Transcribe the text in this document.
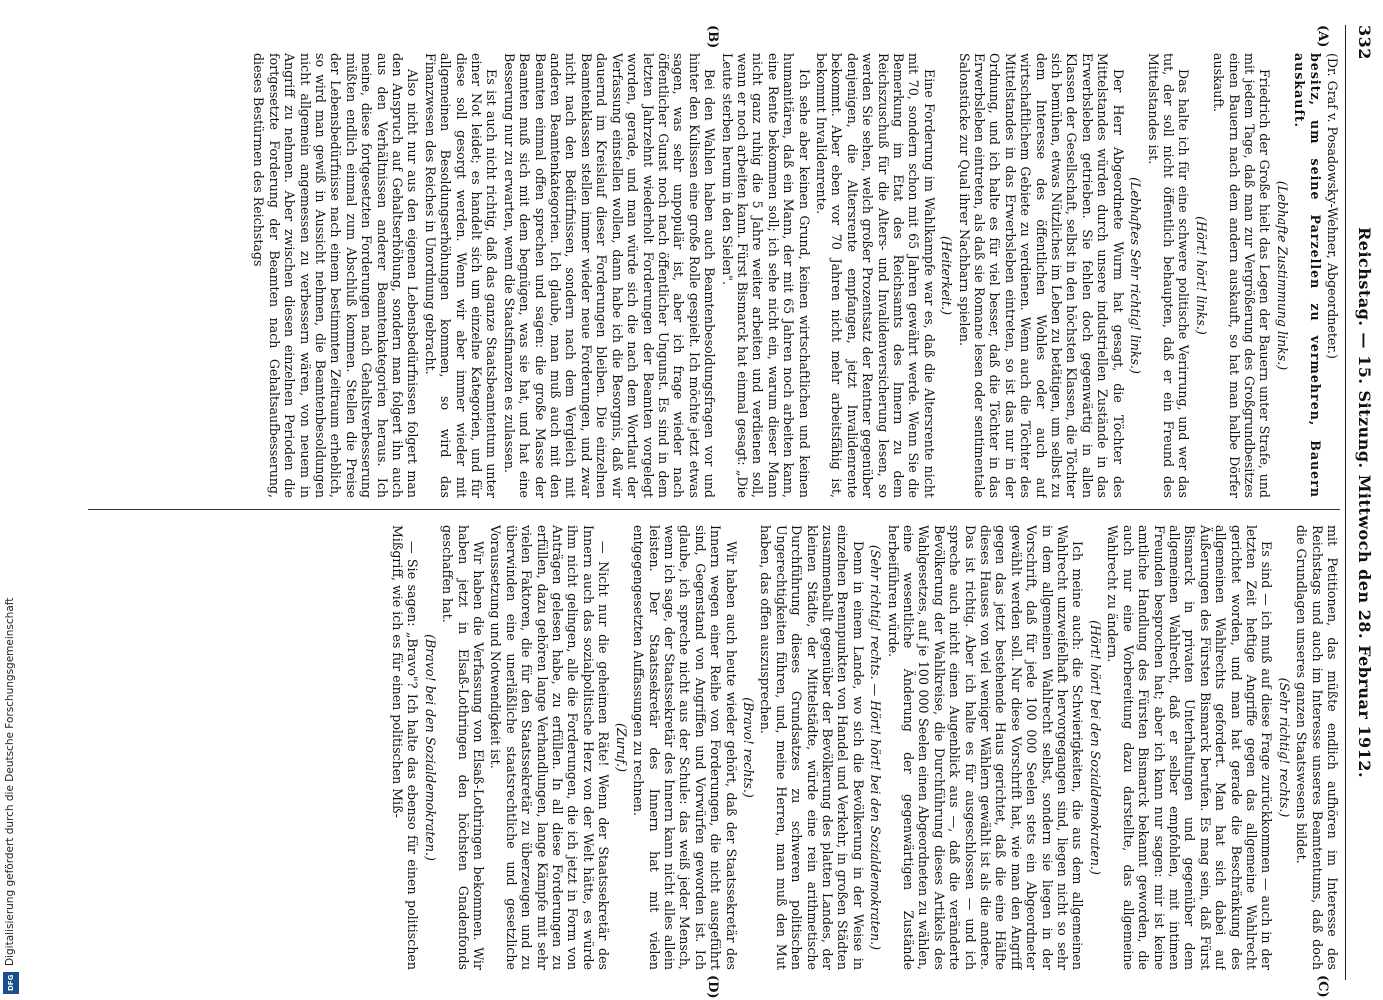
Digitalisierung gefördert durch die Deutsche Forschungsgemeinschaft
DFG
332
Reichstag. — 15. Sitzung. Mittwoch den 28. Februar 1912.
(A)
(B)
(C)
(D)

(Dr. Graf v. Posadowsky-Wehner, Abgeordneter.)

besitz, um seine Parzellen zu vermehren, Bauern auskauft.

(Lebhafte Zustimmung links.)

Friedrich der Große hielt das Legen der Bauern unter Strafe, und mit jedem Tage, daß man zur Vergrößerung des Großgrundbesitzes einen Bauern nach dem andern auskauft, so hat man halbe Dörfer auskauft.

(Hört! hört! links.)

Das halte ich für eine schwere politische Verirrung, und wer das tut, der soll nicht öffentlich behaupten, daß er ein Freund des Mittelstandes ist.

(Lebhaftes Sehr richtig! links.)

Der Herr Abgeordnete Wurm hat gesagt, die Töchter des Mittelstandes würden durch unsere industriellen Zustände in das Erwerbsleben getrieben. Sie fehlen doch gegenwärtig in allen Klassen der Gesellschaft, selbst in den höchsten Klassen, die Töchter sich bemühen, etwas Nützliches im Leben zu betätigen, um selbst zu dem Interesse des öffentlichen Wohles oder auch auf wirtschaftlichem Gebiete zu verdienen. Wenn auch die Töchter des Mittelstandes in das Erwerbsleben eintreten, so ist das nur in der Ordnung, und ich halte es für viel besser, daß die Töchter in das Erwerbsleben eintreten, als daß sie Romane lesen oder sentimentale Salonstücke zur Qual ihrer Nachbarn spielen.

(Heiterkeit.)

Eine Forderung im Wahlkampfe war es, daß die Altersrente nicht mit 70, sondern schon mit 65 Jahren gewährt werde. Wenn Sie die Bemerkung im Etat des Reichsamts des Innern zu dem Reichszuschuß für die Alters- und Invalidenversicherung lesen, so werden Sie sehen, welch großer Prozentsatz der Rentner gegenüber denjenigen, die Altersrente empfangen, jetzt Invalidenrente bekommt. Aber eben vor 70 Jahren nicht mehr arbeitsfähig ist, bekommt Invalidenrente.

Ich sehe aber keinen Grund, keinen wirtschaftlichen und keinen humanitären, daß ein Mann, der mit 65 Jahren noch arbeiten kann, eine Rente bekommen soll; ich sehe nicht ein, warum dieser Mann nicht ganz ruhig die 5 Jahre weiter arbeiten und verdienen soll, wenn er noch arbeiten kann. Fürst Bismarck hat einmal gesagt: „Die Leute sterben herum in den Sielen".

Bei den Wahlen haben auch Beamtenbesoldungsfragen vor und hinter den Kulissen eine große Rolle gespielt. Ich möchte jetzt etwas sagen, was sehr unpopulär ist, aber ich frage wieder nach öffentlicher Gunst noch nach öffentlicher Ungunst. Es sind in dem letzten Jahrzehnt wiederholt Forderungen der Beamten vorgelegt worden, gerade, und man würde sich die nach dem Wortlaut der Verfassung einstellen wollen, dann habe ich die Besorgnis, daß wir dauernd im Kreislauf dieser Forderungen bleiben. Die einzelnen Beamtenklassen stellen immer wieder neue Forderungen, und zwar nicht nach den Bedürfnissen, sondern nach dem Vergleich mit anderen Beamtenkategorien. Ich glaube, man muß auch mit den Beamten einmal offen sprechen und sagen: die große Masse der Beamten muß sich mit dem begnügen, was sie hat, und hat eine Besserung nur zu erwarten, wenn die Staatsfinanzen es zulassen.

Es ist auch nicht richtig, daß das ganze Staatsbeamtentum unter einer Not leidet; es handelt sich um einzelne Kategorien, und für diese soll gesorgt werden. Wenn wir aber immer wieder mit allgemeinen Besoldungserhöhungen kommen, so wird das Finanzwesen des Reiches in Unordnung gebracht.

Also nicht nur aus den eigenen Lebensbedürfnissen folgert man den Anspruch auf Gehaltserhöhung, sondern man folgert ihn auch aus den Verhältnissen anderer Beamtenkategorien heraus. Ich meine, diese fortgesetzten Forderungen nach Gehaltsverbesserung müßten endlich einmal zum Abschluß kommen. Stellen die Preise der Lebensbedürfnisse nach einem bestimmten Zeitraum erheblich, so wird man gewiß in Aussicht nehmen, die Beamtenbesoldungen nicht allgemein angemessen zu verbessern wären, von neuem in Angriff zu nehmen. Aber zwischen diesen einzelnen Perioden die fortgesetzte Forderung der Beamten nach Gehaltsaufbesserung, dieses Bestürmen des Reichstags

mit Petitionen, das müßte endlich aufhören im Interesse des Reichstags und auch im Interesse unseres Beamtentums, daß doch die Grundlagen unseres ganzen Staatswesens bildet.

(Sehr richtig! rechts.)

Es sind — ich muß auf diese Frage zurückkommen — auch in der letzten Zeit heftige Angriffe gegen das allgemeine Wahlrecht gerichtet worden, und man hat gerade die Beschränkung des allgemeinen Wahlrechts gefordert. Man hat sich dabei auf Äußerungen des Fürsten Bismarck berufen. Es mag sein, daß Fürst Bismarck in privaten Unterhaltungen und gegenüber dem allgemeinen Wahlrecht, daß er selber empfohlen, mit intimen Freunden besprochen hat; aber ich kann nur sagen: mir ist keine amtliche Handlung des Fürsten Bismarck bekannt geworden, die auch nur eine Vorbereitung dazu darstellte, das allgemeine Wahlrecht zu ändern.

(Hört! hört! bei den Sozialdemokraten.)

Ich meine auch: die Schwierigkeiten, die aus dem allgemeinen Wahlrecht unzweifelhaft hervorgegangen sind, liegen nicht so sehr in dem allgemeinen Wahlrecht selbst, sondern sie liegen in der Vorschrift, daß für jede 100 000 Seelen stets ein Abgeordneter gewählt werden soll. Nur diese Vorschrift hat, wie man den Angriff gegen das jetzt bestehende Haus gerichtet, daß die eine Hälfte dieses Hauses von viel weniger Wählern gewählt ist als die andere. Das ist richtig. Aber ich halte es für ausgeschlossen — und ich spreche auch nicht einen Augenblick aus —, daß die veränderte Bevölkerung der Wahlkreise, die Durchführung dieses Artikels des Wahlgesetzes, auf je 100 000 Seelen einen Abgeordneten zu wählen, eine wesentliche Änderung der gegenwärtigen Zustände herbeiführen würde.

(Sehr richtig! rechts. — Hört! hört! bei den Sozialdemokraten.)

Denn in einem Lande, wo sich die Bevölkerung in der Weise in einzelnen Brennpunkten von Handel und Verkehr, in großen Städten zusammenballt gegenüber der Bevölkerung des platten Landes, der kleinen Städte, der Mittelstädte, würde eine rein arithmetische Durchführung dieses Grundsatzes zu schweren politischen Ungerechtigkeiten führen, und, meine Herren, man muß den Mut haben, das offen auszusprechen.

(Bravo! rechts.)

Wir haben auch heute wieder gehört, daß der Staatssekretär des Innern wegen einer Reihe von Forderungen, die nicht ausgeführt sind, Gegenstand von Angriffen und Vorwürfen geworden ist. Ich glaube, ich spreche nicht aus der Schule: das weiß jeder Mensch, wenn ich sage, der Staatssekretär des Innern kann nicht alles allein leisten. Der Staatssekretär des Innern hat mit vielen entgegengesetzten Auffassungen zu rechnen.

(Zuruf.)

— Nicht nur die geheimen Räte! Wenn der Staatssekretär des Innern auch das sozialpolitische Herz von der Welt hätte, es würde ihm nicht gelingen, alle die Forderungen, die ich jetzt in Form von Anträgen gelesen habe, zu erfüllen. In all diese Forderungen zu erfüllen, dazu gehören lange Verhandlungen, lange Kämpfe mit sehr vielen Faktoren, die für den Staatssekretär zu überzeugen und zu überwinden eine unerläßliche staatsrechtliche und gesetzliche Voraussetzung und Notwendigkeit ist.

Wir haben die Verfassung von Elsaß-Lothringen bekommen. Wir haben jetzt in Elsaß-Lothringen den höchsten Gnadenfonds geschaffen hat.

(Bravo! bei den Sozialdemokraten.)

— Sie sagen: „Bravo"? Ich halte das ebenso für einen politischen Mißgriff, wie ich es für einen politischen Miß-
